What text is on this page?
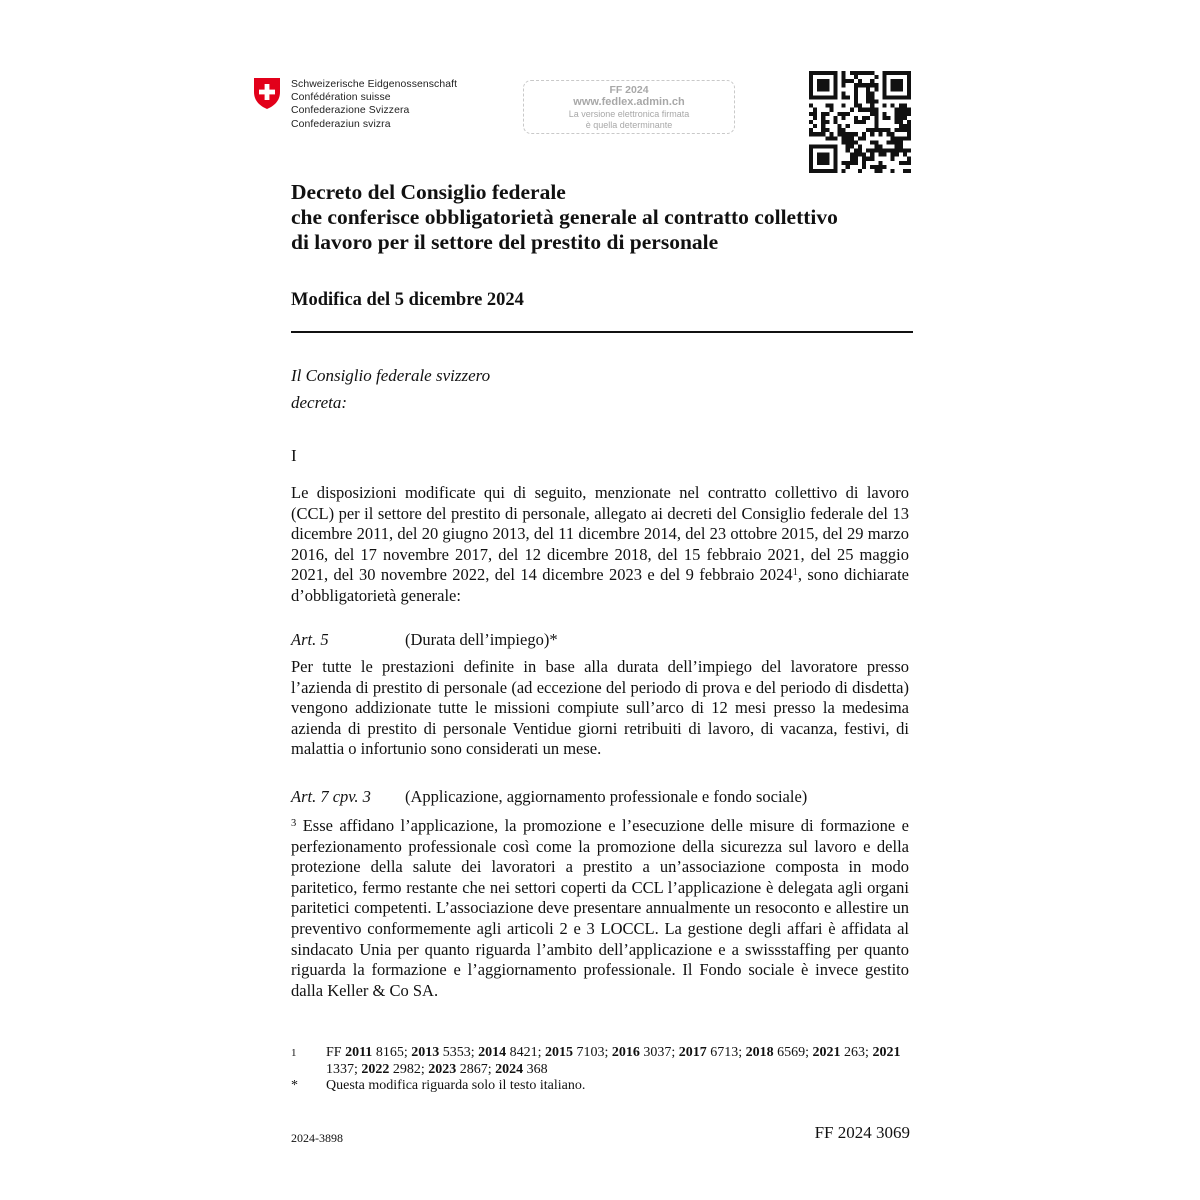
Schweizerische Eidgenossenschaft
Confédération suisse
Confederazione Svizzera
Confederaziun svizra
FF 2024
www.fedlex.admin.ch
La versione elettronica firmata
è quella determinante
Decreto del Consiglio federale
che conferisce obbligatorietà generale al contratto collettivo
di lavoro per il settore del prestito di personale
Modifica del 5 dicembre 2024
Il Consiglio federale svizzero
decreta:
I
Le disposizioni modificate qui di seguito, menzionate nel contratto collettivo di lavoro (CCL) per il settore del prestito di personale, allegato ai decreti del Consiglio federale del 13 dicembre 2011, del 20 giugno 2013, del 11 dicembre 2014, del 23 ottobre 2015, del 29 marzo 2016, del 17 novembre 2017, del 12 dicembre 2018, del 15 febbraio 2021, del 25 maggio 2021, del 30 novembre 2022, del 14 dicembre 2023 e del 9 febbraio 2024$^1$, sono dichiarate d’obbligatorietà generale:
Art. 5	(Durata dell’impiego)*
Per tutte le prestazioni definite in base alla durata dell’impiego del lavoratore presso l’azienda di prestito di personale (ad eccezione del periodo di prova e del periodo di disdetta) vengono addizionate tutte le missioni compiute sull’arco di 12 mesi presso la medesima azienda di prestito di personale Ventidue giorni retribuiti di lavoro, di vacanza, festivi, di malattia o infortunio sono considerati un mese.
Art. 7 cpv. 3 (Applicazione, aggiornamento professionale e fondo sociale)
$^3$ Esse affidano l’applicazione, la promozione e l’esecuzione delle misure di formazione e perfezionamento professionale così come la promozione della sicurezza sul lavoro e della protezione della salute dei lavoratori a prestito a un’associazione composta in modo paritetico, fermo restante che nei settori coperti da CCL l’applicazione è delegata agli organi paritetici competenti. L’associazione deve presentare annualmente un resoconto e allestire un preventivo conformemente agli articoli 2 e 3 LOCCL. La gestione degli affari è affidata al sindacato Unia per quanto riguarda l’ambito dell’applicazione e a swissstaffing per quanto riguarda la formazione e l’aggiornamento professionale. Il Fondo sociale è invece gestito dalla Keller & Co SA.
1	FF 2011 8165; 2013 5353; 2014 8421; 2015 7103; 2016 3037; 2017 6713; 2018 6569; 2021 263; 2021 1337; 2022 2982; 2023 2867; 2024 368
*	Questa modifica riguarda solo il testo italiano.
2024-3898	FF 2024 3069
